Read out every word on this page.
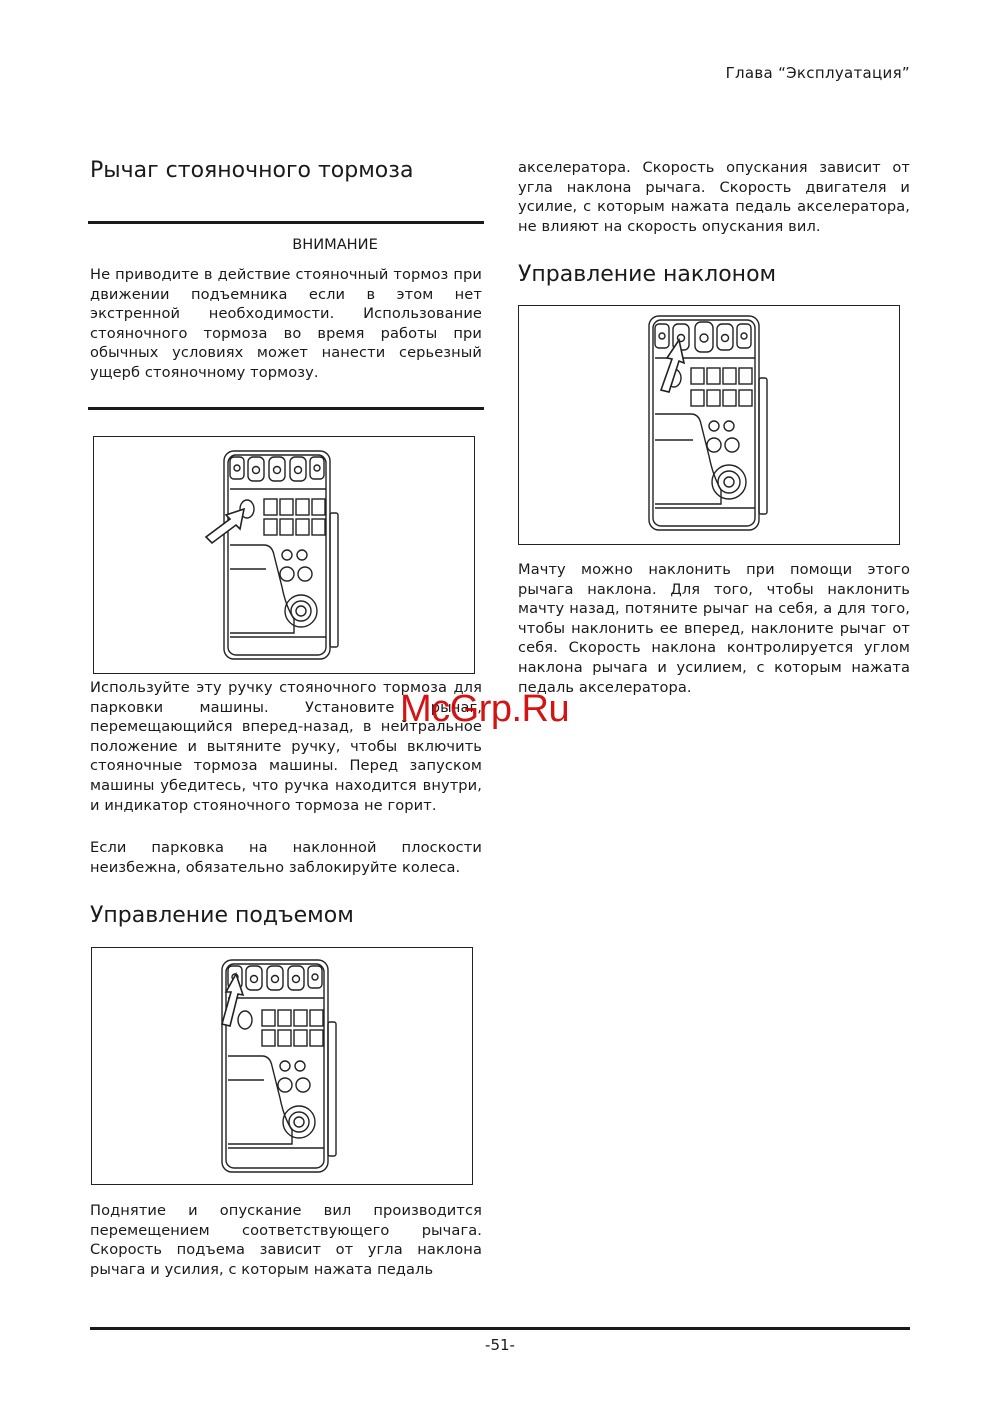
Глава “Эксплуатация”
Рычаг стояночного тормоза
ВНИМАНИЕ

Не приводите в действие стояночный тормоз при движении подъемника если в этом нет экстренной необходимости. Использование стояночного тормоза во время работы при обычных условиях может нанести серьезный ущерб стояночному тормозу.

Используйте эту ручку стояночного тормоза для парковки машины. Установите рычаг, перемещающийся вперед-назад, в нейтральное положение и вытяните ручку, чтобы включить стояночные тормоза машины. Перед запуском машины убедитесь, что ручка находится внутри, и индикатор стояночного тормоза не горит.

Если парковка на наклонной плоскости неизбежна, обязательно заблокируйте колеса.

Управление подъемом

Поднятие и опускание вил производится перемещением соответствующего рычага. Скорость подъема зависит от угла наклона рычага и усилия, с которым нажата педаль

акселератора. Скорость опускания зависит от угла наклона рычага. Скорость двигателя и усилие, с которым нажата педаль акселератора, не влияют на скорость опускания вил.

Управление наклоном

Мачту можно наклонить при помощи этого рычага наклона. Для того, чтобы наклонить мачту назад, потяните рычаг на себя, а для того, чтобы наклонить ее вперед, наклоните рычаг от себя. Скорость наклона контролируется углом наклона рычага и усилием, с которым нажата педаль акселератора.

McGrp.Ru
-51-
